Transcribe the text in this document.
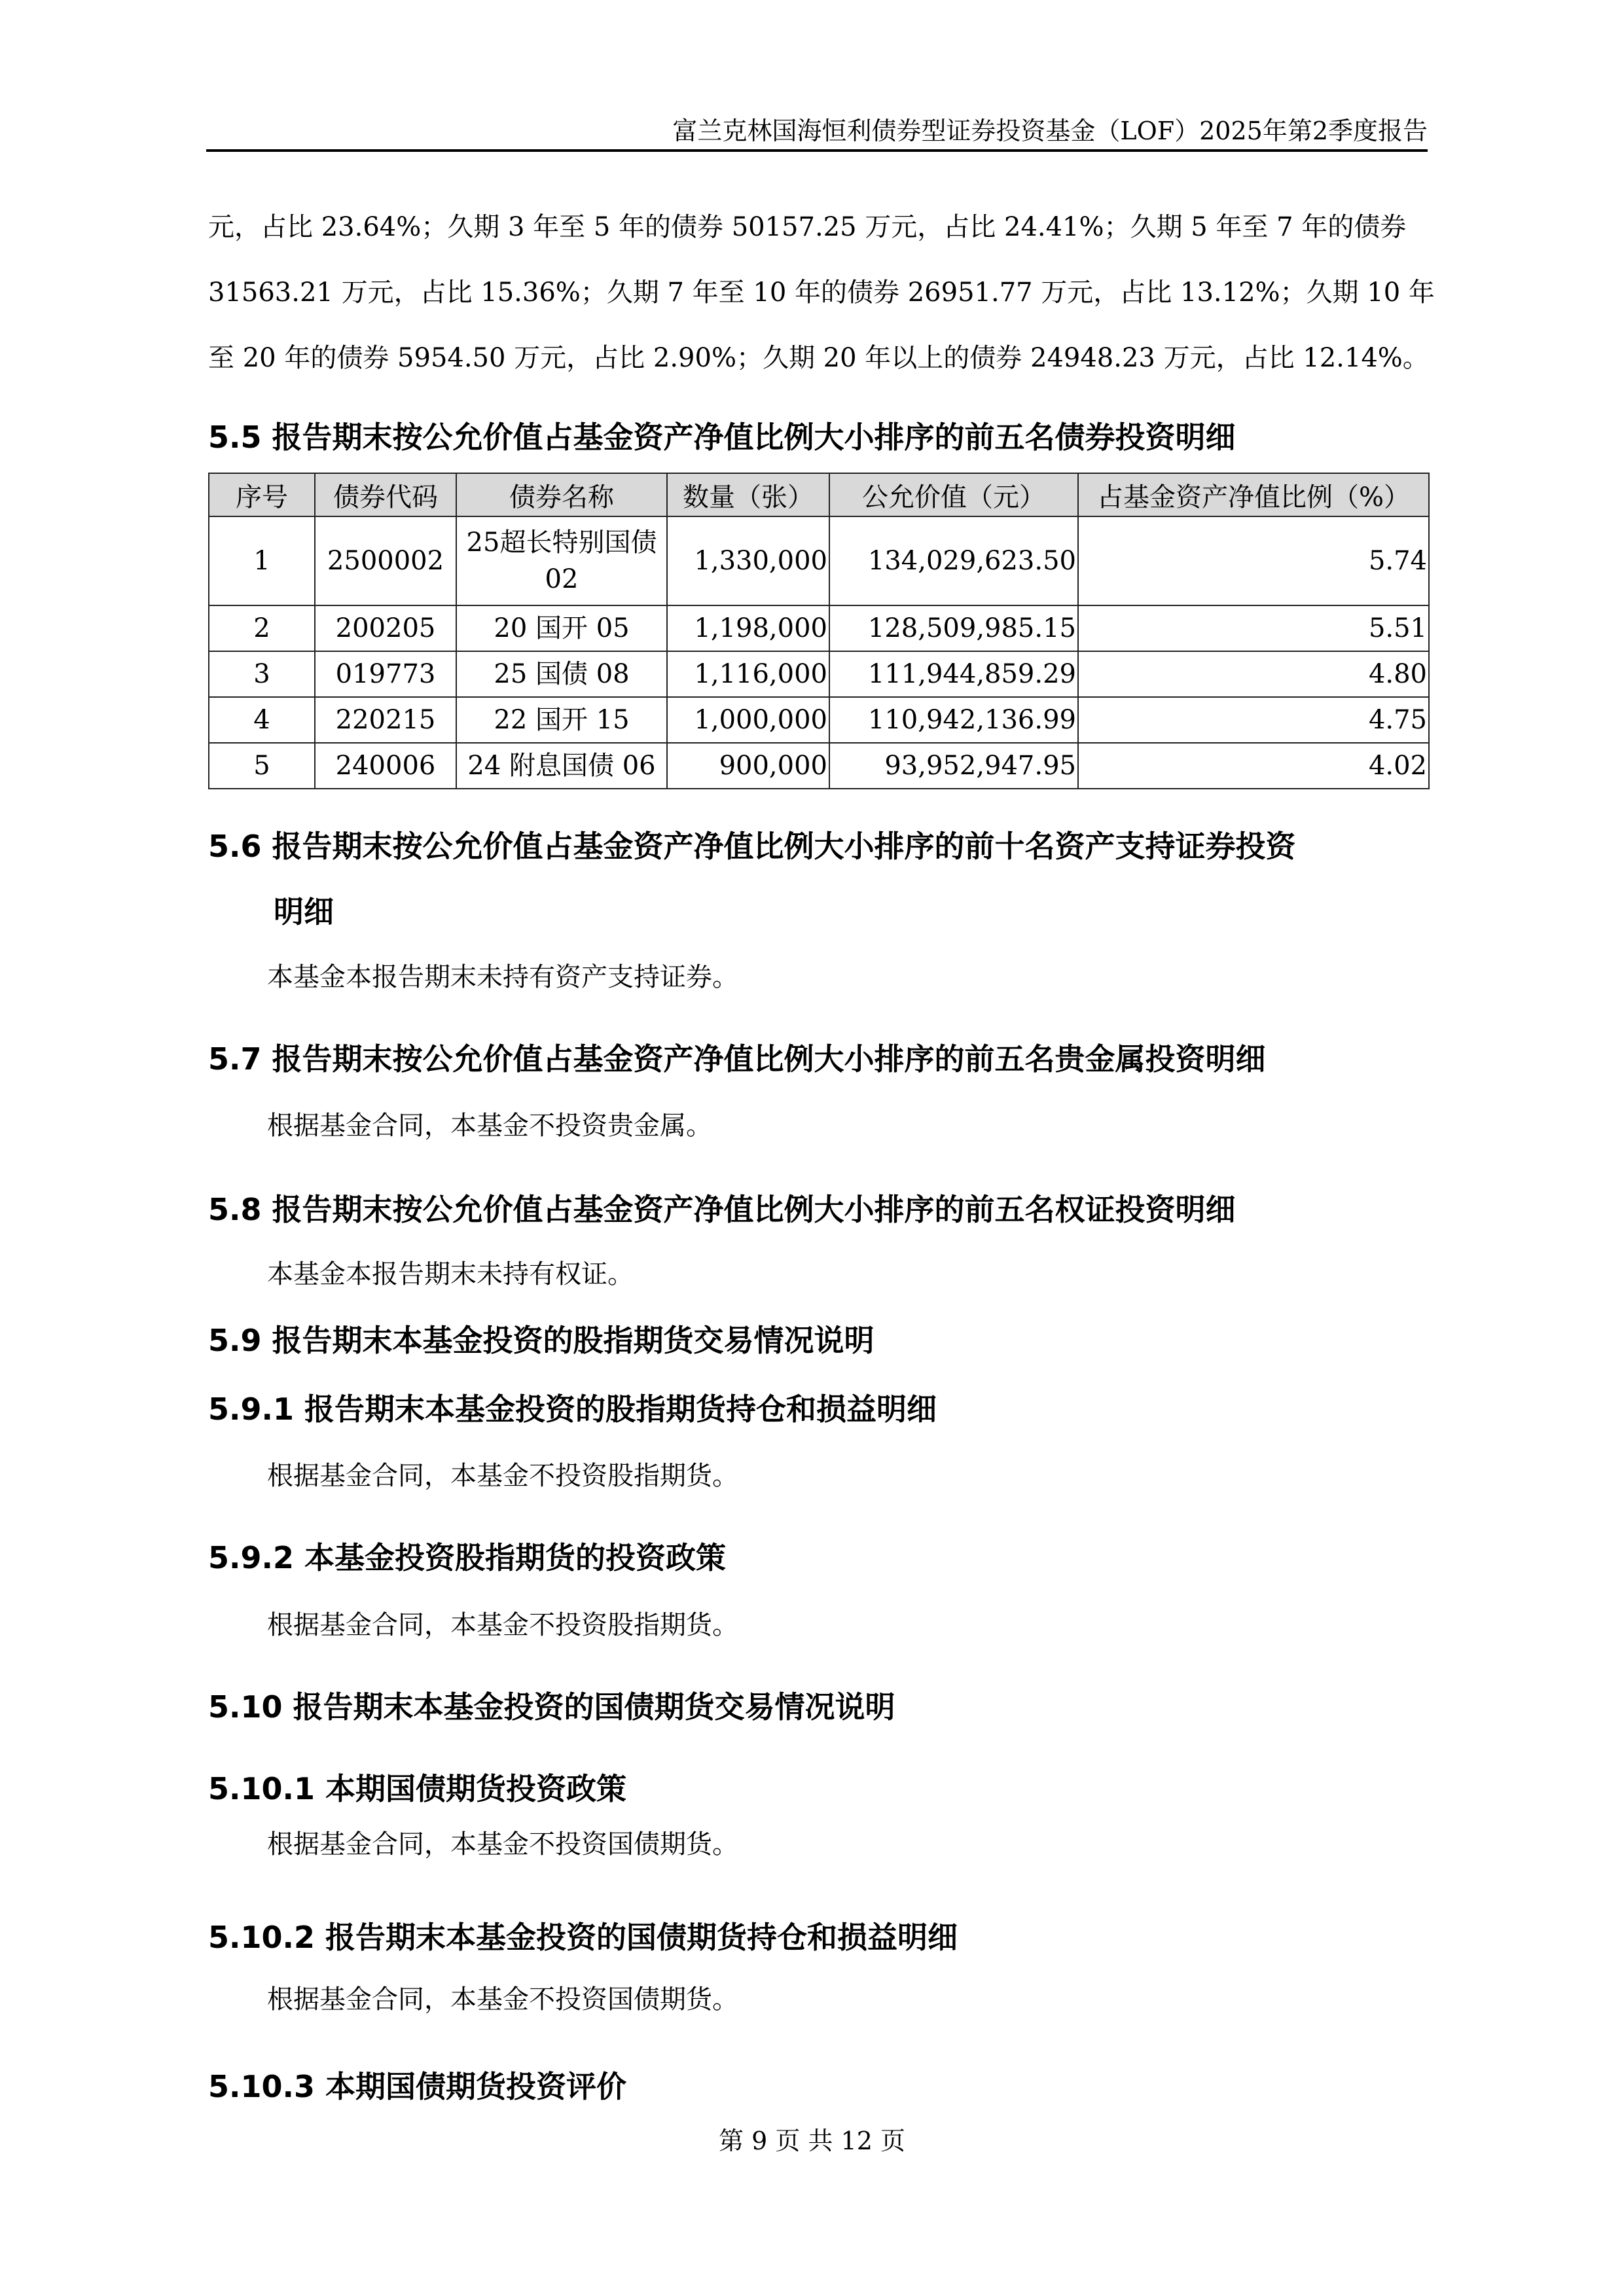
富兰克林国海恒利债券型证券投资基金（LOF）2025年第2季度报告
元，占比 23.64%；久期 3 年至 5 年的债券 50157.25 万元，占比 24.41%；久期 5 年至 7 年的债券
31563.21 万元，占比 15.36%；久期 7 年至 10 年的债券 26951.77 万元，占比 13.12%；久期 10 年
至 20 年的债券 5954.50 万元，占比 2.90%；久期 20 年以上的债券 24948.23 万元，占比 12.14%。
5.5 报告期末按公允价值占基金资产净值比例大小排序的前五名债券投资明细
序号	债券代码	债券名称	数量（张）	公允价值（元）	占基金资产净值比例（%）
1	2500002	25超长特别国债02	1,330,000	134,029,623.50	5.74
2	200205	20 国开 05	1,198,000	128,509,985.15	5.51
3	019773	25 国债 08	1,116,000	111,944,859.29	4.80
4	220215	22 国开 15	1,000,000	110,942,136.99	4.75
5	240006	24 附息国债 06	900,000	93,952,947.95	4.02
5.6 报告期末按公允价值占基金资产净值比例大小排序的前十名资产支持证券投资
明细
本基金本报告期末未持有资产支持证券。
5.7 报告期末按公允价值占基金资产净值比例大小排序的前五名贵金属投资明细
根据基金合同，本基金不投资贵金属。
5.8 报告期末按公允价值占基金资产净值比例大小排序的前五名权证投资明细
本基金本报告期末未持有权证。
5.9 报告期末本基金投资的股指期货交易情况说明
5.9.1 报告期末本基金投资的股指期货持仓和损益明细
根据基金合同，本基金不投资股指期货。
5.9.2 本基金投资股指期货的投资政策
根据基金合同，本基金不投资股指期货。
5.10 报告期末本基金投资的国债期货交易情况说明
5.10.1 本期国债期货投资政策
根据基金合同，本基金不投资国债期货。
5.10.2 报告期末本基金投资的国债期货持仓和损益明细
根据基金合同，本基金不投资国债期货。
5.10.3 本期国债期货投资评价
第 9 页 共 12 页
